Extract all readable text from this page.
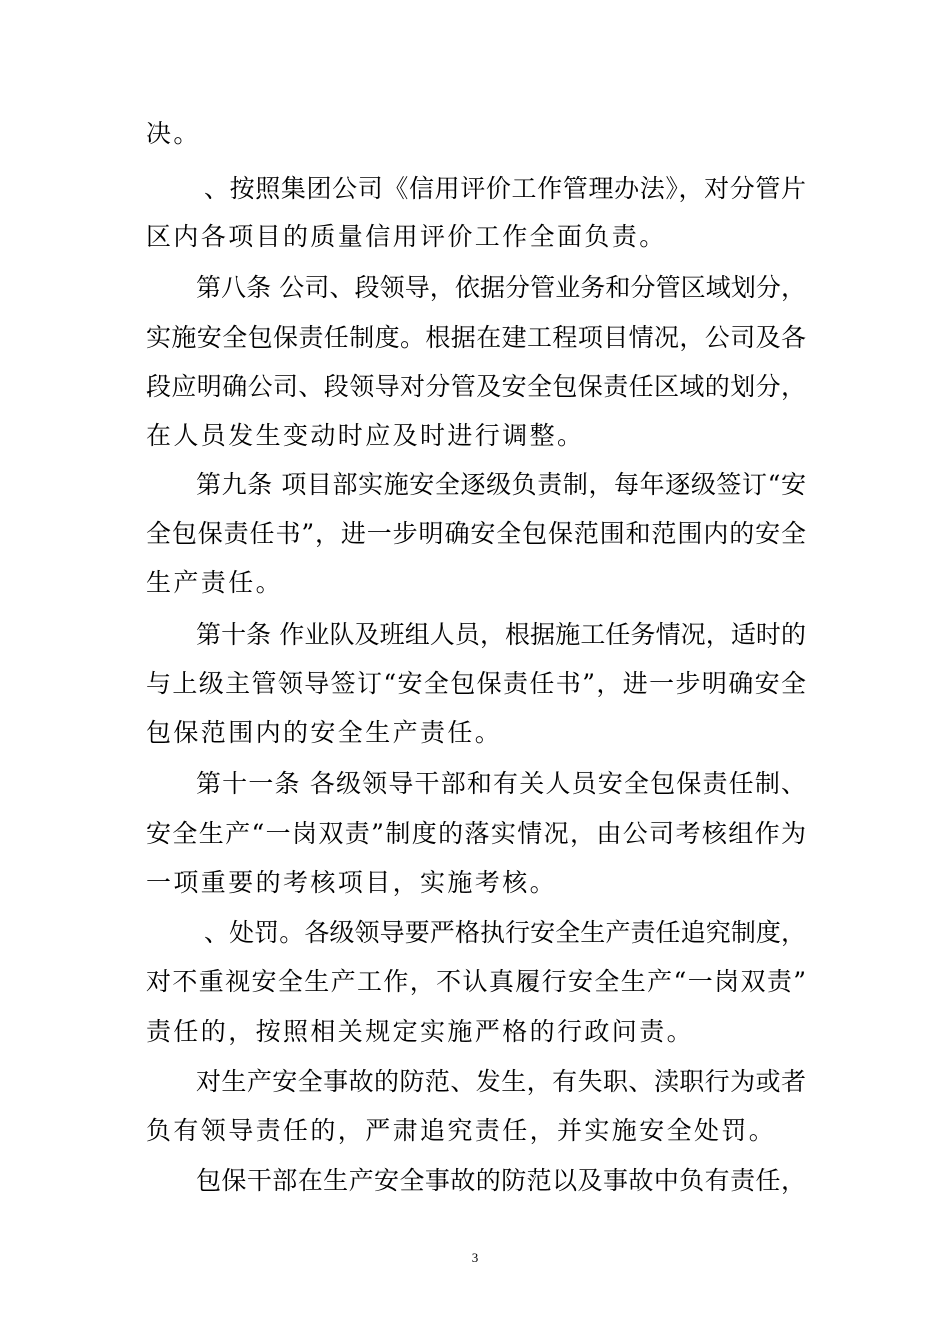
决。
、按照集团公司《信用评价工作管理办法》，对分管片
区内各项目的质量信用评价工作全面负责。
第八条 公司、段领导，依据分管业务和分管区域划分，
实施安全包保责任制度。根据在建工程项目情况，公司及各
段应明确公司、段领导对分管及安全包保责任区域的划分，
在人员发生变动时应及时进行调整。
第九条 项目部实施安全逐级负责制，每年逐级签订“安
全包保责任书”，进一步明确安全包保范围和范围内的安全
生产责任。
第十条 作业队及班组人员，根据施工任务情况，适时的
与上级主管领导签订“安全包保责任书”，进一步明确安全
包保范围内的安全生产责任。
第十一条 各级领导干部和有关人员安全包保责任制、
安全生产“一岗双责”制度的落实情况，由公司考核组作为
一项重要的考核项目，实施考核。
、处罚。各级领导要严格执行安全生产责任追究制度，
对不重视安全生产工作，不认真履行安全生产“一岗双责”
责任的，按照相关规定实施严格的行政问责。
对生产安全事故的防范、发生，有失职、渎职行为或者
负有领导责任的，严肃追究责任，并实施安全处罚。
包保干部在生产安全事故的防范以及事故中负有责任，
3
